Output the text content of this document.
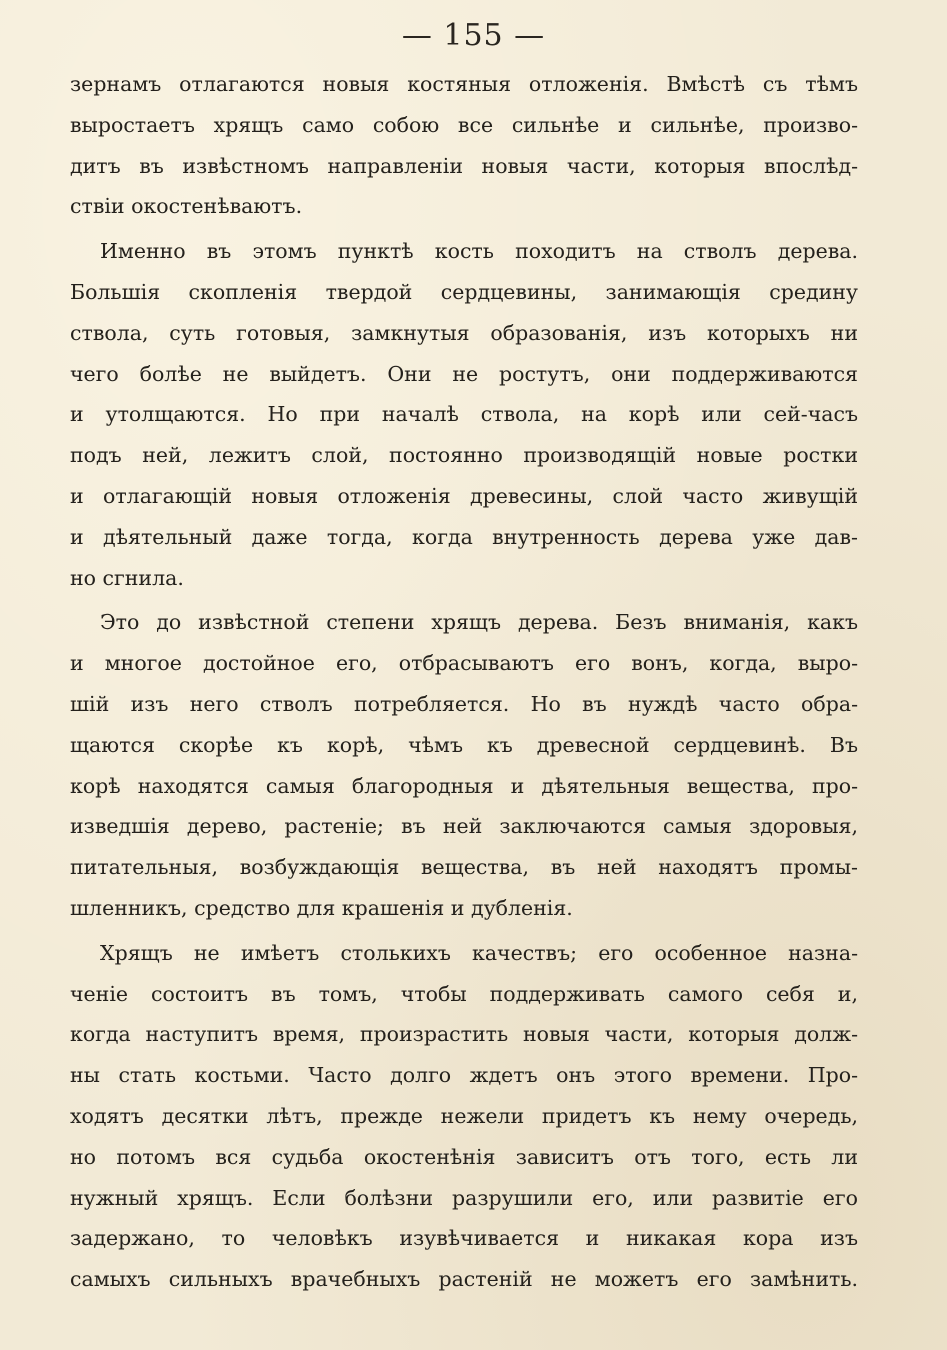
— 155 —
зернамъ отлагаются новыя костяныя отложенія. Вмѣстѣ съ тѣмъ
выростаетъ хрящъ само собою все сильнѣе и сильнѣе, произво-
дитъ въ извѣстномъ направленіи новыя части, которыя впослѣд-
ствіи окостенѣваютъ.
Именно въ этомъ пунктѣ кость походитъ на стволъ дерева.
Большія скопленія твердой сердцевины, занимающія средину
ствола, суть готовыя, замкнутыя образованія, изъ которыхъ ни
чего болѣе не выйдетъ. Они не ростутъ, они поддерживаются
и утолщаются. Но при началѣ ствола, на корѣ или сей-часъ
подъ ней, лежитъ слой, постоянно производящій новые ростки
и отлагающій новыя отложенія древесины, слой часто живущій
и дѣятельный даже тогда, когда внутренность дерева уже дав-
но сгнила.
Это до извѣстной степени хрящъ дерева. Безъ вниманія, какъ
и многое достойное его, отбрасываютъ его вонъ, когда, выро-
шій изъ него стволъ потребляется. Но въ нуждѣ часто обра-
щаются скорѣе къ корѣ, чѣмъ къ древесной сердцевинѣ. Въ
корѣ находятся самыя благородныя и дѣятельныя вещества, про-
изведшія дерево, растеніе; въ ней заключаются самыя здоровыя,
питательныя, возбуждающія вещества, въ ней находятъ промы-
шленникъ, средство для крашенія и дубленія.
Хрящъ не имѣетъ столькихъ качествъ; его особенное назна-
ченіе состоитъ въ томъ, чтобы поддерживать самого себя и,
когда наступитъ время, произрастить новыя части, которыя долж-
ны стать костьми. Часто долго ждетъ онъ этого времени. Про-
ходятъ десятки лѣтъ, прежде нежели придетъ къ нему очередь,
но потомъ вся судьба окостенѣнія зависитъ отъ того, есть ли
нужный хрящъ. Если болѣзни разрушили его, или развитіе его
задержано, то человѣкъ изувѣчивается и никакая кора изъ
самыхъ сильныхъ врачебныхъ растеній не можетъ его замѣнить.
